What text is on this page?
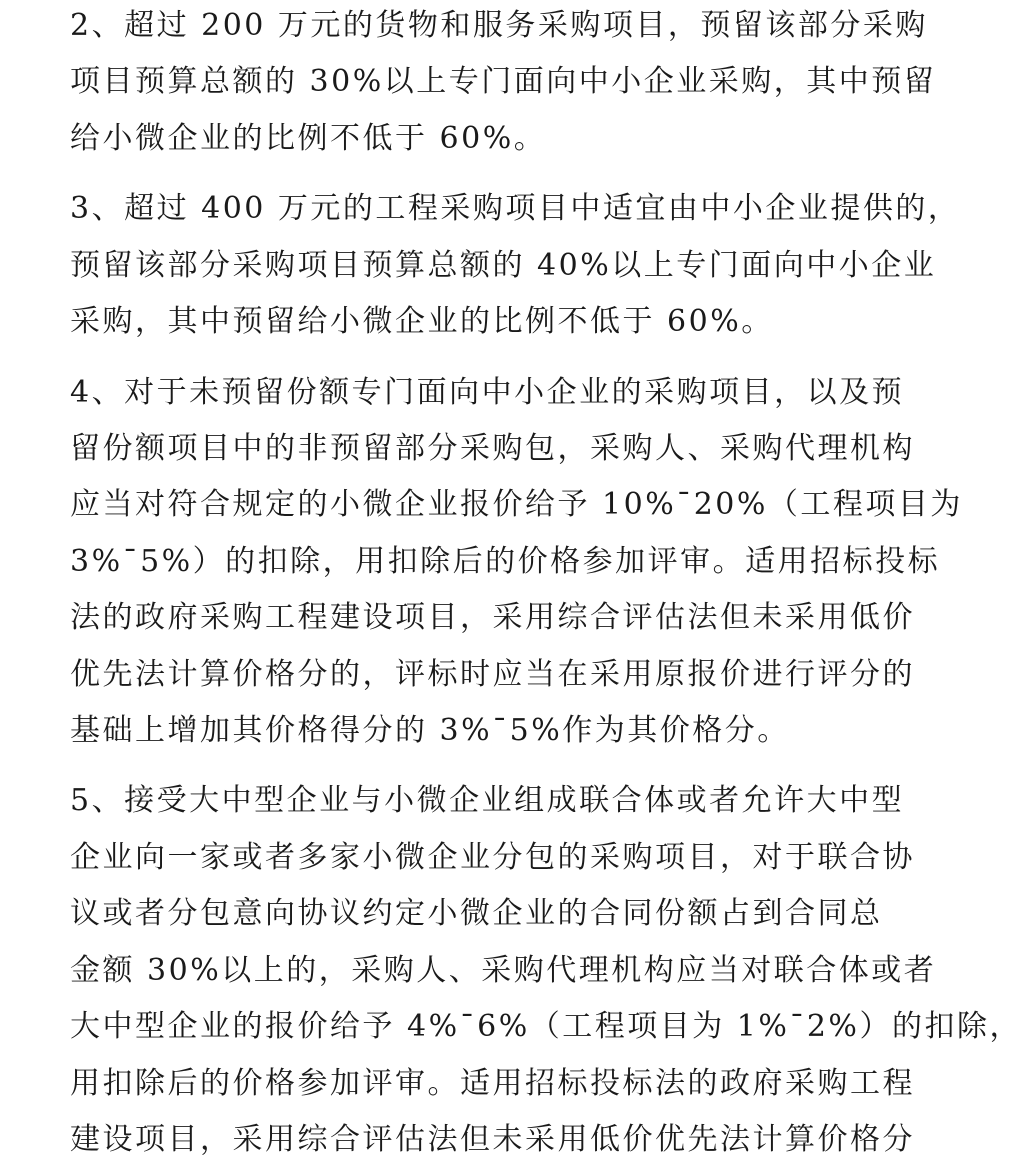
2、超过 200 万元的货物和服务采购项目，预留该部分采购
项目预算总额的 30%以上专门面向中小企业采购，其中预留
给小微企业的比例不低于 60%。
3、超过 400 万元的工程采购项目中适宜由中小企业提供的，
预留该部分采购项目预算总额的 40%以上专门面向中小企业
采购，其中预留给小微企业的比例不低于 60%。
4、对于未预留份额专门面向中小企业的采购项目，以及预
留份额项目中的非预留部分采购包，采购人、采购代理机构
应当对符合规定的小微企业报价给予 10%¯20%（工程项目为
3%¯5%）的扣除，用扣除后的价格参加评审。适用招标投标
法的政府采购工程建设项目，采用综合评估法但未采用低价
优先法计算价格分的，评标时应当在采用原报价进行评分的
基础上增加其价格得分的 3%¯5%作为其价格分。
5、接受大中型企业与小微企业组成联合体或者允许大中型
企业向一家或者多家小微企业分包的采购项目，对于联合协
议或者分包意向协议约定小微企业的合同份额占到合同总
金额 30%以上的，采购人、采购代理机构应当对联合体或者
大中型企业的报价给予 4%¯6%（工程项目为 1%¯2%）的扣除，
用扣除后的价格参加评审。适用招标投标法的政府采购工程
建设项目，采用综合评估法但未采用低价优先法计算价格分
